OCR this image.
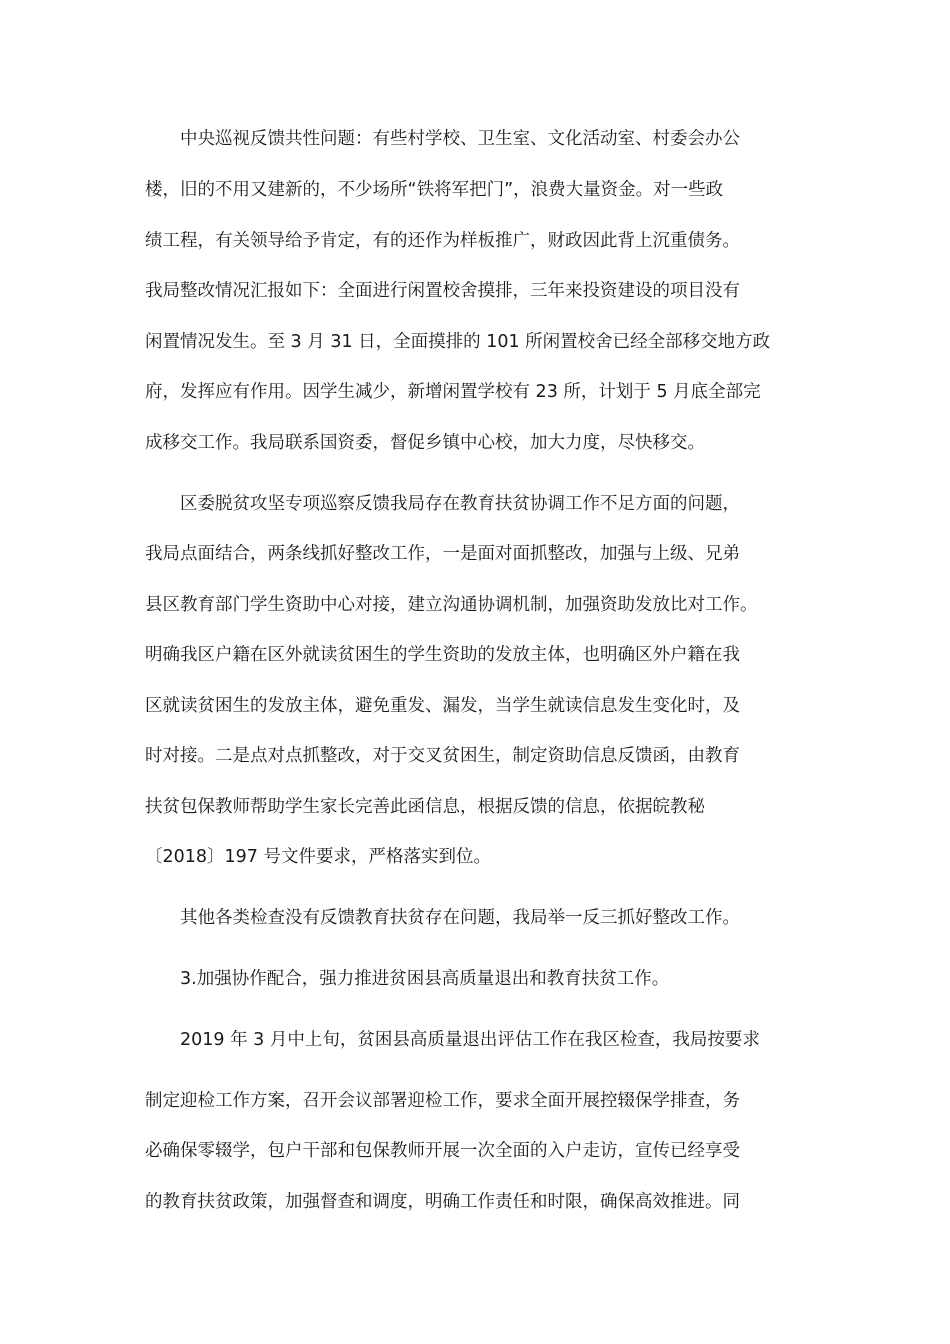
中央巡视反馈共性问题：有些村学校、卫生室、文化活动室、村委会办公
楼，旧的不用又建新的，不少场所“铁将军把门”，浪费大量资金。对一些政
绩工程，有关领导给予肯定，有的还作为样板推广，财政因此背上沉重债务。
我局整改情况汇报如下：全面进行闲置校舍摸排，三年来投资建设的项目没有
闲置情况发生。至 3 月 31 日，全面摸排的 101 所闲置校舍已经全部移交地方政
府，发挥应有作用。因学生减少，新增闲置学校有 23 所，计划于 5 月底全部完
成移交工作。我局联系国资委，督促乡镇中心校，加大力度，尽快移交。
区委脱贫攻坚专项巡察反馈我局存在教育扶贫协调工作不足方面的问题，
我局点面结合，两条线抓好整改工作，一是面对面抓整改，加强与上级、兄弟
县区教育部门学生资助中心对接，建立沟通协调机制，加强资助发放比对工作。
明确我区户籍在区外就读贫困生的学生资助的发放主体，也明确区外户籍在我
区就读贫困生的发放主体，避免重发、漏发，当学生就读信息发生变化时，及
时对接。二是点对点抓整改，对于交叉贫困生，制定资助信息反馈函，由教育
扶贫包保教师帮助学生家长完善此函信息，根据反馈的信息，依据皖教秘
〔2018〕197 号文件要求，严格落实到位。
其他各类检查没有反馈教育扶贫存在问题，我局举一反三抓好整改工作。
3.加强协作配合，强力推进贫困县高质量退出和教育扶贫工作。
2019 年 3 月中上旬，贫困县高质量退出评估工作在我区检查，我局按要求
制定迎检工作方案，召开会议部署迎检工作，要求全面开展控辍保学排查，务
必确保零辍学，包户干部和包保教师开展一次全面的入户走访，宣传已经享受
的教育扶贫政策，加强督查和调度，明确工作责任和时限，确保高效推进。同
